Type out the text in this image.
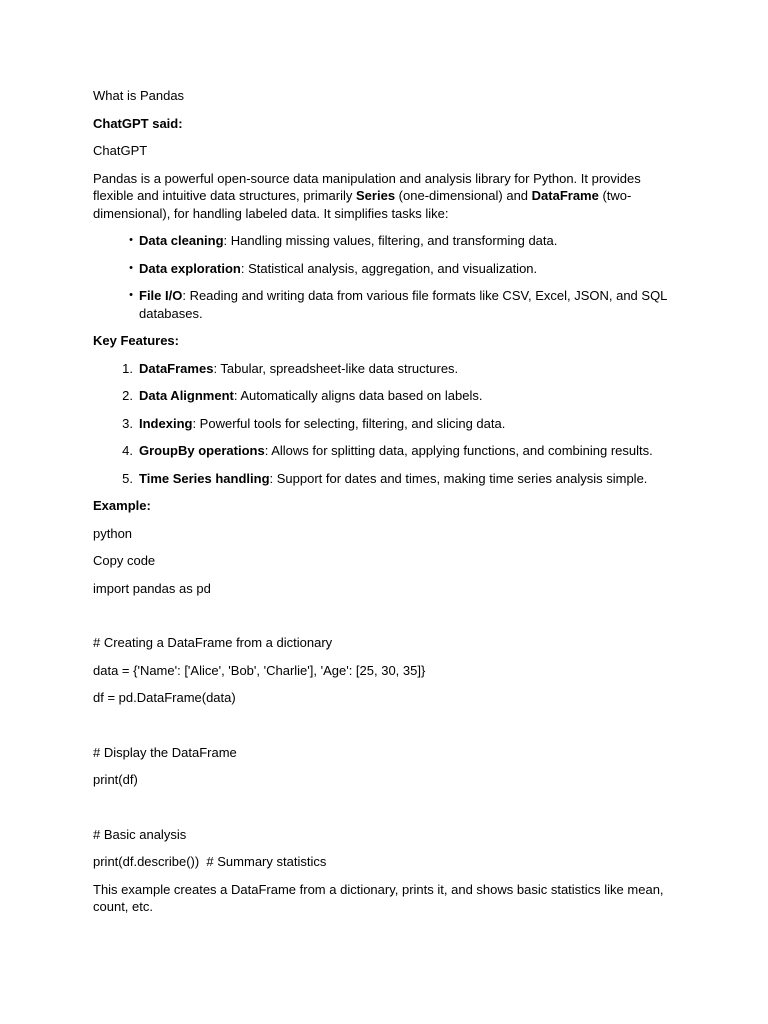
What is Pandas

ChatGPT said:

ChatGPT

Pandas is a powerful open-source data manipulation and analysis library for Python. It provides flexible and intuitive data structures, primarily Series (one-dimensional) and DataFrame (two-dimensional), for handling labeled data. It simplifies tasks like:

• Data cleaning: Handling missing values, filtering, and transforming data.
• Data exploration: Statistical analysis, aggregation, and visualization.
• File I/O: Reading and writing data from various file formats like CSV, Excel, JSON, and SQL databases.

Key Features:

1. DataFrames: Tabular, spreadsheet-like data structures.
2. Data Alignment: Automatically aligns data based on labels.
3. Indexing: Powerful tools for selecting, filtering, and slicing data.
4. GroupBy operations: Allows for splitting data, applying functions, and combining results.
5. Time Series handling: Support for dates and times, making time series analysis simple.

Example:

python

Copy code

import pandas as pd

# Creating a DataFrame from a dictionary

data = {'Name': ['Alice', 'Bob', 'Charlie'], 'Age': [25, 30, 35]}

df = pd.DataFrame(data)

# Display the DataFrame

print(df)

# Basic analysis

print(df.describe())  # Summary statistics

This example creates a DataFrame from a dictionary, prints it, and shows basic statistics like mean, count, etc.
